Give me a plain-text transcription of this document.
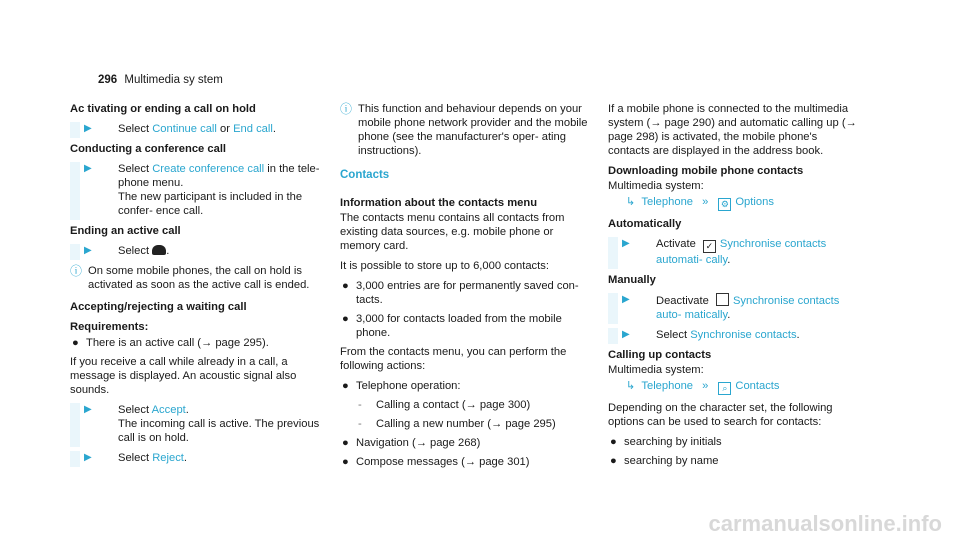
296 Multimedia sy stem
Ac tivating or ending a call on hold
▶ Select Continue call or End call.
Conducting a conference call
▶ Select Create conference call in the tele‐ phone menu.
The new participant is included in the confer‐ ence call.
Ending an active call
▶ Select .
ⓘ On some mobile phones, the call on hold is activated as soon as the active call is ended.
Accepting/rejecting a waiting call
Requirements:
● There is an active call (→ page 295).
If you receive a call while already in a call, a message is displayed. An acoustic signal also sounds.
▶ Select Accept.
The incoming call is active. The previous call is on hold.
▶ Select Reject.
ⓘ This function and behaviour depends on your mobile phone network provider and the mobile phone (see the manufacturer's oper‐ ating instructions).
Contacts
Information about the contacts menu
The contacts menu contains all contacts from existing data sources, e.g. mobile phone or memory card.
It is possible to store up to 6,000 contacts:
● 3,000 entries are for permanently saved con‐ tacts.
● 3,000 for contacts loaded from the mobile phone.
From the contacts menu, you can perform the following actions:
● Telephone operation:
- Calling a contact (→ page 300)
- Calling a new number (→ page 295)
● Navigation (→ page 268)
● Compose messages (→ page 301)
If a mobile phone is connected to the multimedia system (→ page 290) and automatic calling up (→ page 298) is activated, the mobile phone's contacts are displayed in the address book.
Downloading mobile phone contacts
Multimedia system:
↳ Telephone » ⚙ Options
Automatically
▶ Activate ✓ Synchronise contacts automati‐ cally.
Manually
▶ Deactivate Synchronise contacts auto‐ matically.
▶ Select Synchronise contacts.
Calling up contacts
Multimedia system:
↳ Telephone » ⌕ Contacts
Depending on the character set, the following options can be used to search for contacts:
● searching by initials
● searching by name
carmanualsonline.info
